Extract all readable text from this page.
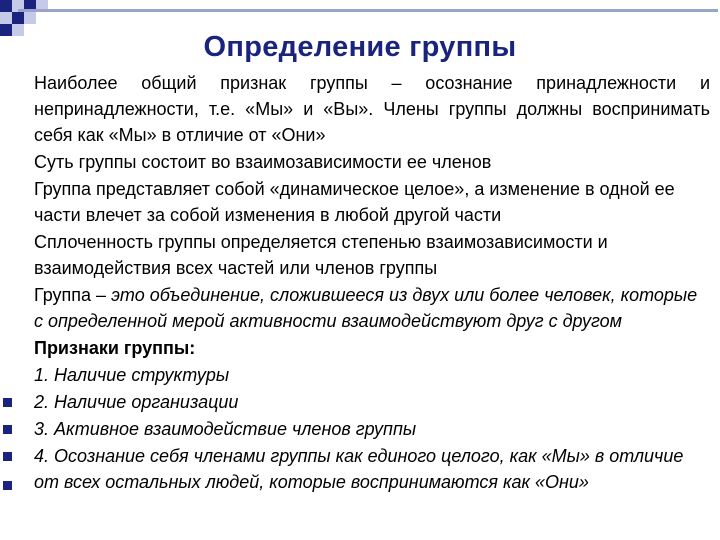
Определение группы

Наиболее общий признак группы – осознание принадлежности и непринадлежности, т.е. «Мы» и «Вы». Члены группы должны воспринимать себя как «Мы» в отличие от «Они»

Суть группы состоит во взаимозависимости ее членов

Группа представляет собой «динамическое целое», а изменение в одной ее части влечет за собой изменения в любой другой части

Сплоченность группы определяется степенью взаимозависимости и взаимодействия всех частей или членов группы

Группа – это объединение, сложившееся из двух или более человек, которые с определенной мерой активности взаимодействуют друг с другом

Признаки группы:

1. Наличие структуры

2. Наличие организации

3. Активное взаимодействие членов группы

4. Осознание себя членами группы как единого целого, как «Мы» в отличие от всех остальных людей, которые воспринимаются как «Они»
